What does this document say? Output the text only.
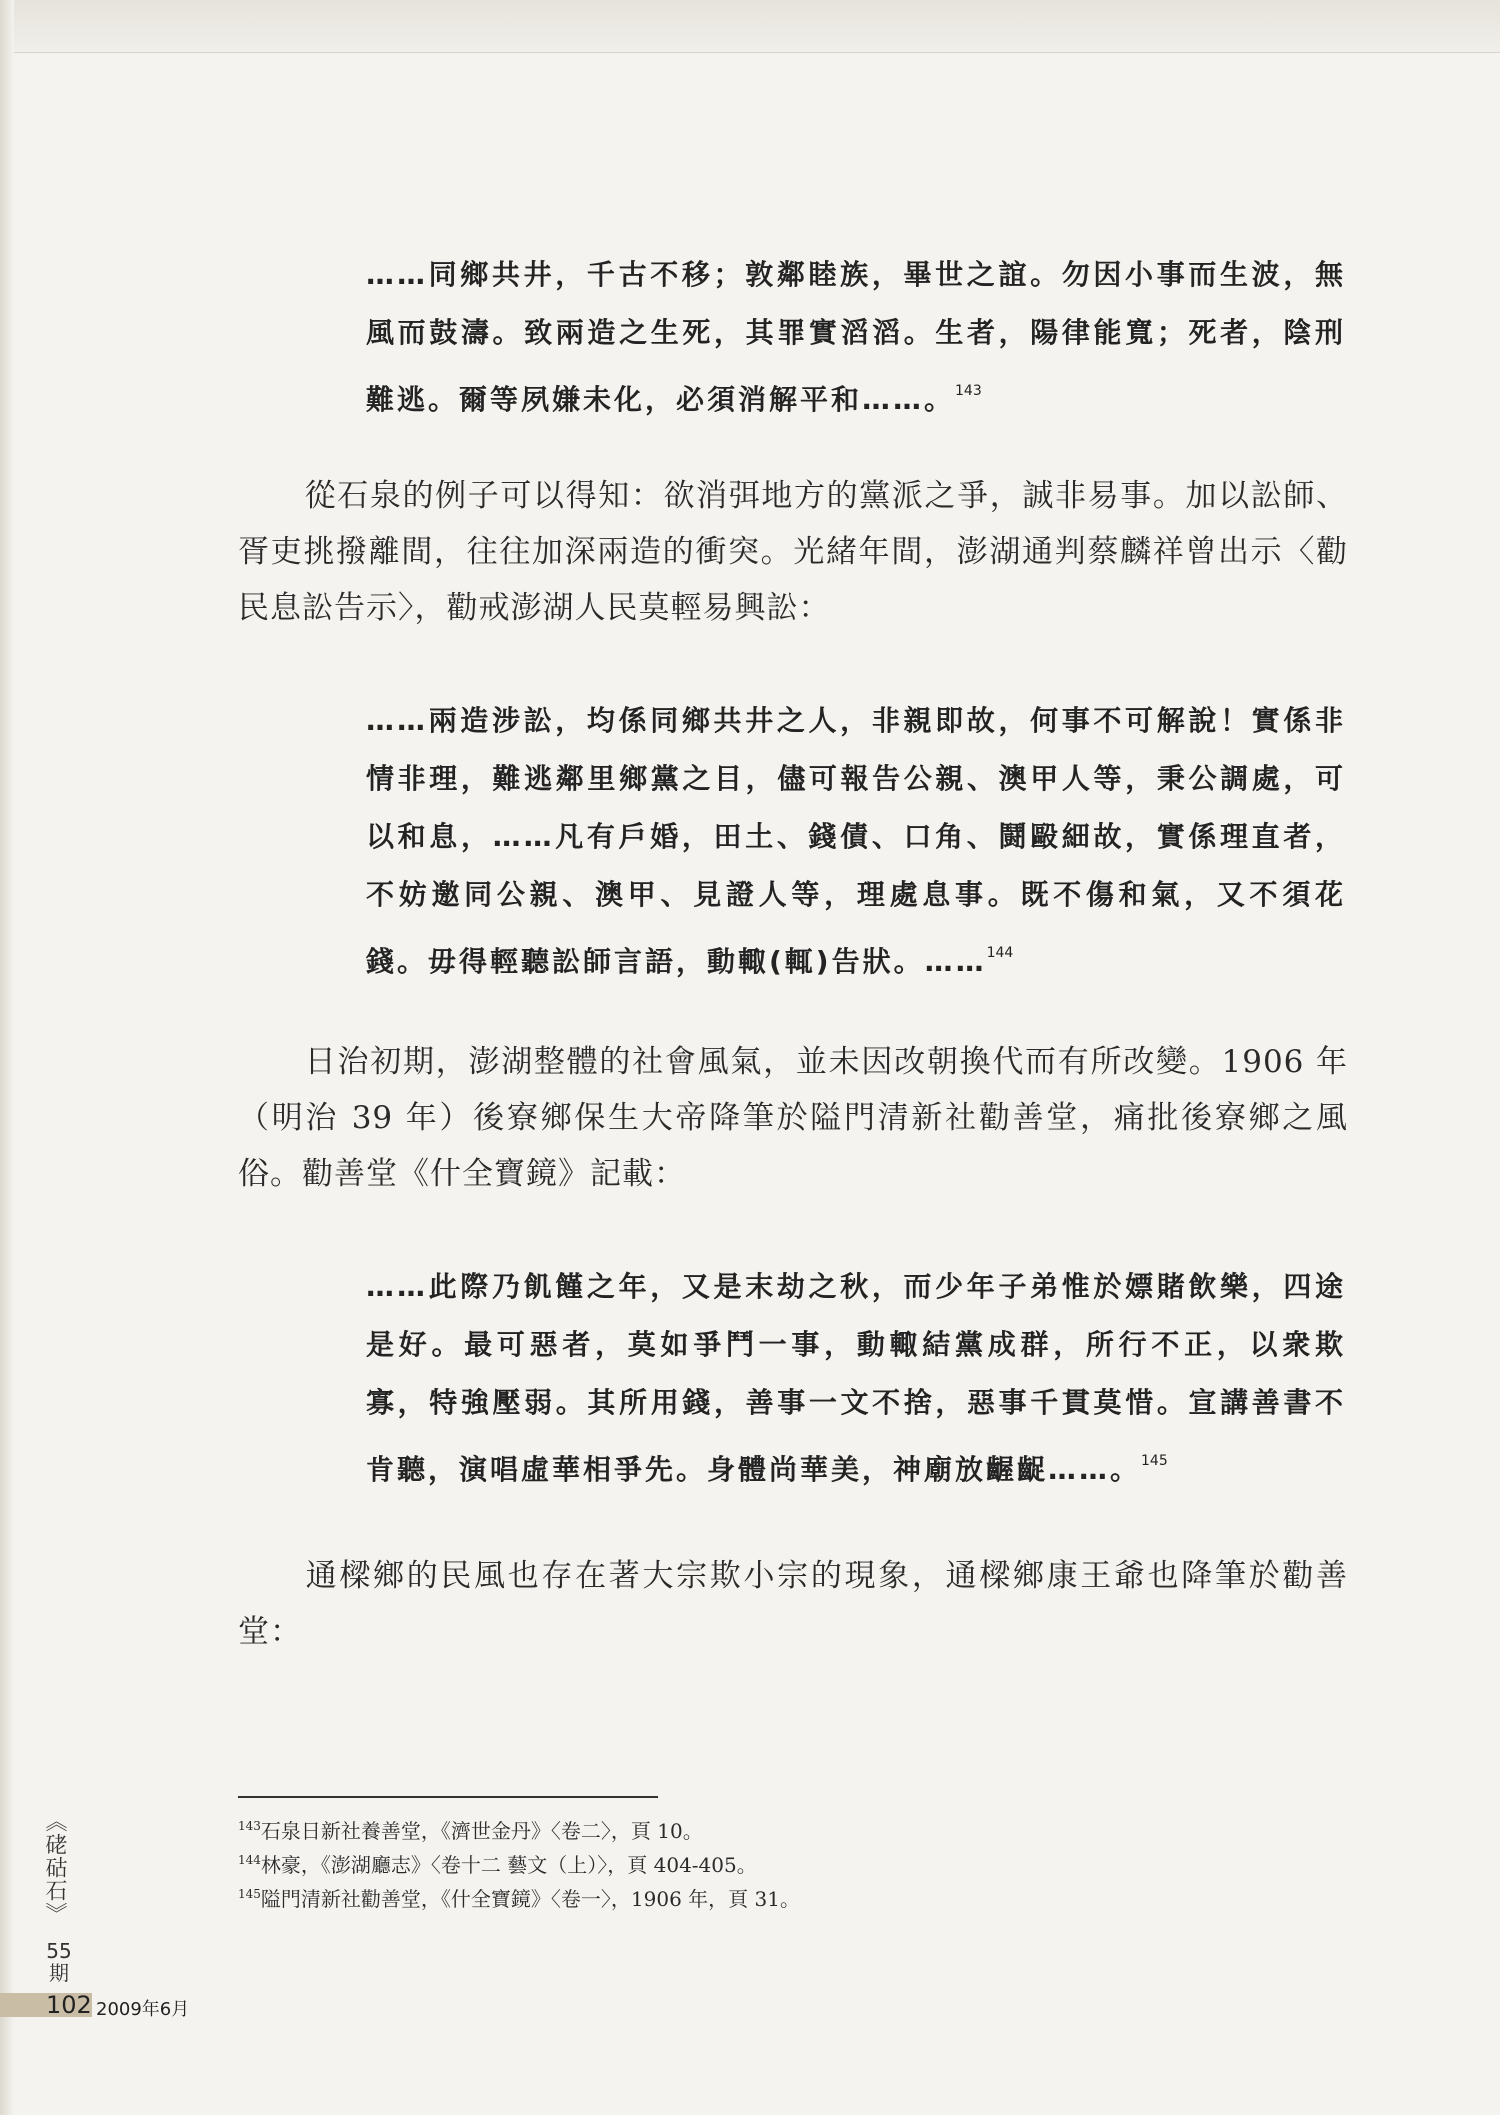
……同鄉共井，千古不移；敦鄰睦族，畢世之誼。勿因小事而生波，無風而鼓濤。致兩造之生死，其罪實滔滔。生者，陽律能寬；死者，陰刑難逃。爾等夙嫌未化，必須消解平和……。$^{143}$
從石泉的例子可以得知：欲消弭地方的黨派之爭，誠非易事。加以訟師、胥吏挑撥離間，往往加深兩造的衝突。光緒年間，澎湖通判蔡麟祥曾出示〈勸民息訟告示〉，勸戒澎湖人民莫輕易興訟：
……兩造涉訟，均係同鄉共井之人，非親即故，何事不可解說！實係非情非理，難逃鄰里鄉黨之目，儘可報告公親、澳甲人等，秉公調處，可以和息，……凡有戶婚，田土、錢債、口角、鬪毆細故，實係理直者，不妨邀同公親、澳甲、見證人等，理處息事。既不傷和氣，又不須花錢。毋得輕聽訟師言語，動輙(輒)告狀。……$^{144}$
日治初期，澎湖整體的社會風氣，並未因改朝換代而有所改變。1906 年（明治 39 年）後寮鄉保生大帝降筆於隘門清新社勸善堂，痛批後寮鄉之風俗。勸善堂《什全寶鏡》記載：
……此際乃飢饉之年，又是末劫之秋，而少年子弟惟於嫖賭飲樂，四途是好。最可惡者，莫如爭鬥一事，動輙結黨成群，所行不正，以衆欺寡，特強壓弱。其所用錢，善事一文不捨，惡事千貫莫惜。宣講善書不肯聽，演唱虛華相爭先。身體尚華美，神廟放齷齪……。$^{145}$
通樑鄉的民風也存在著大宗欺小宗的現象，通樑鄉康王爺也降筆於勸善堂：
$^{143}$石泉日新社養善堂，《濟世金丹》〈卷二〉，頁 10。
$^{144}$林豪，《澎湖廳志》〈卷十二 藝文（上）〉，頁 404-405。
$^{145}$隘門清新社勸善堂，《什全寶鏡》〈卷一〉，1906 年，頁 31。
《硓𥑮石》
55
期
102 2009年6月
